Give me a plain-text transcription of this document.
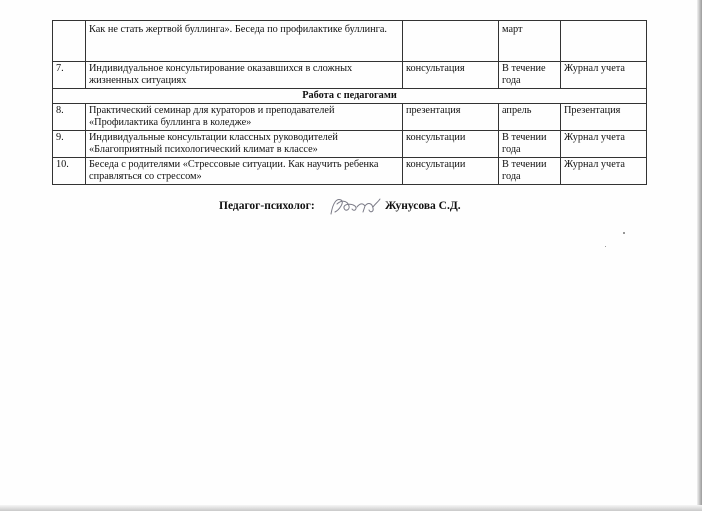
	Как не стать жертвой буллинга». Беседа по профилактике буллинга.		март	
7.	Индивидуальное консультирование оказавшихся в сложных жизненных ситуациях	консультация	В течение года	Журнал учета
Работа с педагогами				
8.	Практический семинар для кураторов и преподавателей «Профилактика буллинга в коледже»	презентация	апрель	Презентация
9.	Индивидуальные консультации классных руководителей «Благоприятный психологический климат в классе»	консультации	В течении года	Журнал учета
10.	Беседа с родителями «Стрессовые ситуации. Как научить ребенка справляться со стрессом»	консультации	В течении года	Журнал учета
Педагог-психолог:	Жунусова С.Д.
